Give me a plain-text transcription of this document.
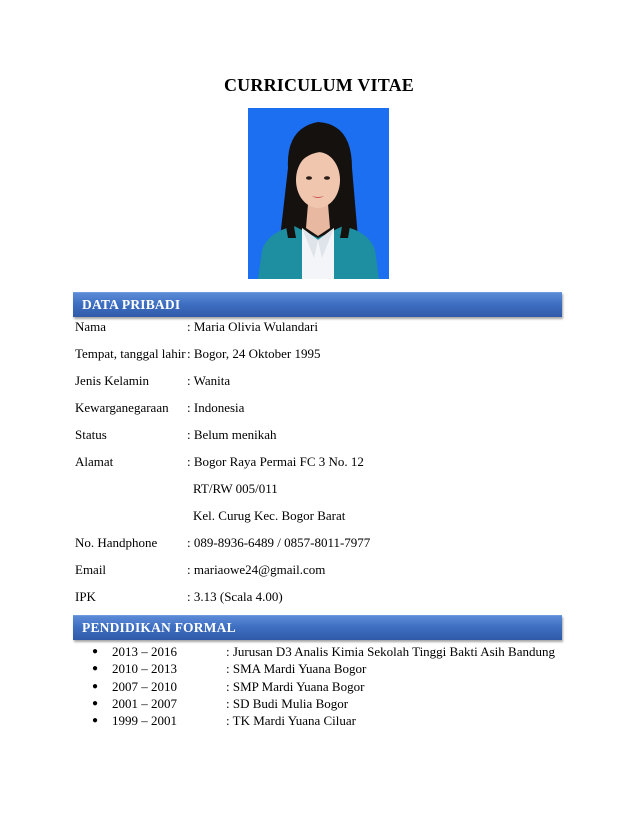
CURRICULUM VITAE
DATA PRIBADI
Nama	: Maria Olivia Wulandari
Tempat, tanggal lahir : Bogor, 24 Oktober 1995
Jenis Kelamin	: Wanita
Kewarganegaraan : Indonesia
Status	: Belum menikah
Alamat	: Bogor Raya Permai FC 3 No. 12
RT/RW 005/011
Kel. Curug Kec. Bogor Barat
No. Handphone : 089-8936-6489 / 0857-8011-7977
Email	: mariaowe24@gmail.com
IPK	: 3.13 (Scala 4.00)
PENDIDIKAN FORMAL
● 2013 – 2016	: Jurusan D3 Analis Kimia Sekolah Tinggi Bakti Asih Bandung
● 2010 – 2013	: SMA Mardi Yuana Bogor
● 2007 – 2010	: SMP Mardi Yuana Bogor
● 2001 – 2007	: SD Budi Mulia Bogor
● 1999 – 2001	: TK Mardi Yuana Ciluar
